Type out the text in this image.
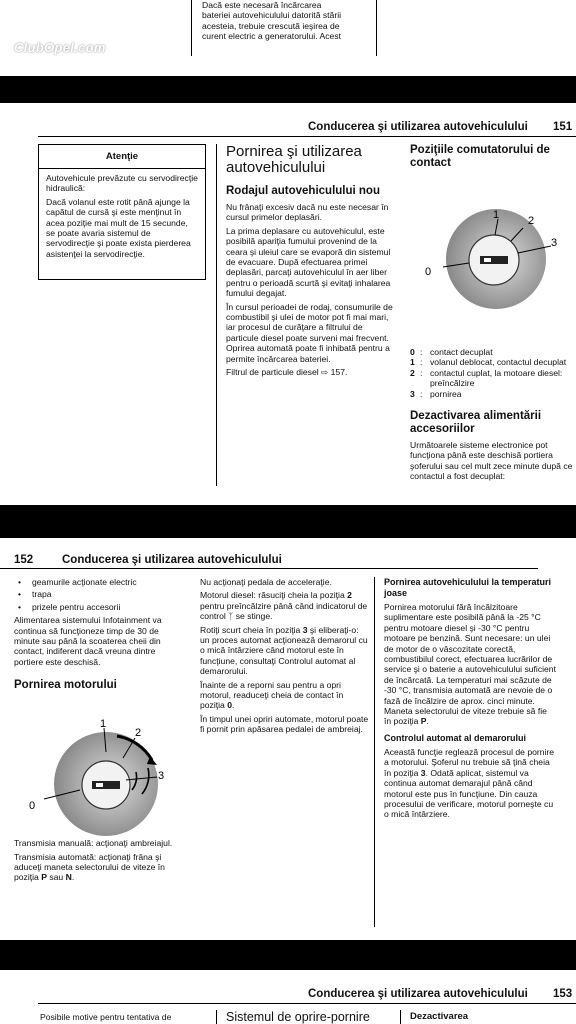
ClubOpel.com
Dacă este necesară încărcarea
bateriei autovehiculului datorită stării
acesteia, trebuie crescută ieşirea de
curent electric a generatorului. Acest
Conducerea şi utilizarea autovehiculului 151
Atenţie

Autovehicule prevăzute cu servodirecţie hidraulică:

Dacă volanul este rotit până ajunge la capătul de cursă şi este menţinut în acea poziţie mai mult de 15 secunde, se poate avaria sistemul de servodirecţie şi poate exista pierderea asistenţei la servodirecţie.

Pornirea şi utilizarea autovehiculului
Rodajul autovehiculului nou

Nu frânaţi excesiv dacă nu este necesar în cursul primelor deplasări.

La prima deplasare cu autovehiculul, este posibilă apariţia fumului provenind de la ceara şi uleiul care se evaporă din sistemul de evacuare. După efectuarea primei deplasări, parcaţi autovehiculul în aer liber pentru o perioadă scurtă şi evitaţi inhalarea fumului degajat.

În cursul perioadei de rodaj, consumurile de combustibil şi ulei de motor pot fi mai mari, iar procesul de curăţare a filtrului de particule diesel poate surveni mai frecvent. Oprirea automată poate fi inhibată pentru a permite încărcarea bateriei.

Filtrul de particule diesel ⇨ 157.

Poziţiile comutatorului de contact
0
1	2
3
0 : contact decuplat
1 : volanul deblocat, contactul decuplat
2 : contactul cuplat, la motoare diesel: preîncălzire
3 : pornirea
Dezactivarea alimentării accesoriilor

Următoarele sisteme electronice pot funcţiona până este deschisă portiera şoferului sau cel mult zece minute după ce contactul a fost decuplat:

152	Conducerea şi utilizarea autovehiculului
• geamurile acţionate electric
• trapa
• prizele pentru accesorii

Alimentarea sistemului Infotainment va continua să funcţioneze timp de 30 de minute sau până la scoaterea cheii din contact, indiferent dacă vreuna dintre portiere este deschisă.

Pornirea motorului
0
1
2
3

Transmisia manuală: acţionaţi ambreiajul.

Transmisia automată: acţionaţi frâna şi aduceţi maneta selectorului de viteze în poziţia P sau N.

Nu acţionaţi pedala de acceleraţie.

Motorul diesel: răsuciţi cheia la poziţia 2 pentru preîncălzire până când indicatorul de control ᛉ se stinge.

Rotiţi scurt cheia în poziţia 3 şi eliberaţi-o: un proces automat acţionează demarorul cu o mică întârziere când motorul este în funcţiune, consultaţi Controlul automat al demarorului.

Înainte de a reporni sau pentru a opri motorul, readuceţi cheia de contact în poziţia 0.

În timpul unei opriri automate, motorul poate fi pornit prin apăsarea pedalei de ambreiaj.

Pornirea autovehiculului la temperaturi joase

Pornirea motorului fără încălzitoare suplimentare este posibilă până la -25 °C pentru motoare diesel şi -30 °C pentru motoare pe benzină. Sunt necesare: un ulei de motor de o vâscozitate corectă, combustibilul corect, efectuarea lucrărilor de service şi o baterie a autovehiculului suficient de încărcată. La temperaturi mai scăzute de -30 °C, transmisia automată are nevoie de o fază de încălzire de aprox. cinci minute. Maneta selectorului de viteze trebuie să fie în poziţia P.

Controlul automat al demarorului

Această funcţie reglează procesul de pornire a motorului. Şoferul nu trebuie să ţină cheia în poziţia 3. Odată aplicat, sistemul va continua automat demarajul până când motorul este pus în funcţiune. Din cauza procesului de verificare, motorul porneşte cu o mică întârziere.

Conducerea şi utilizarea autovehiculului 153
Posibile motive pentru tentativa de	Sistemul de oprire-pornire	Dezactivarea
